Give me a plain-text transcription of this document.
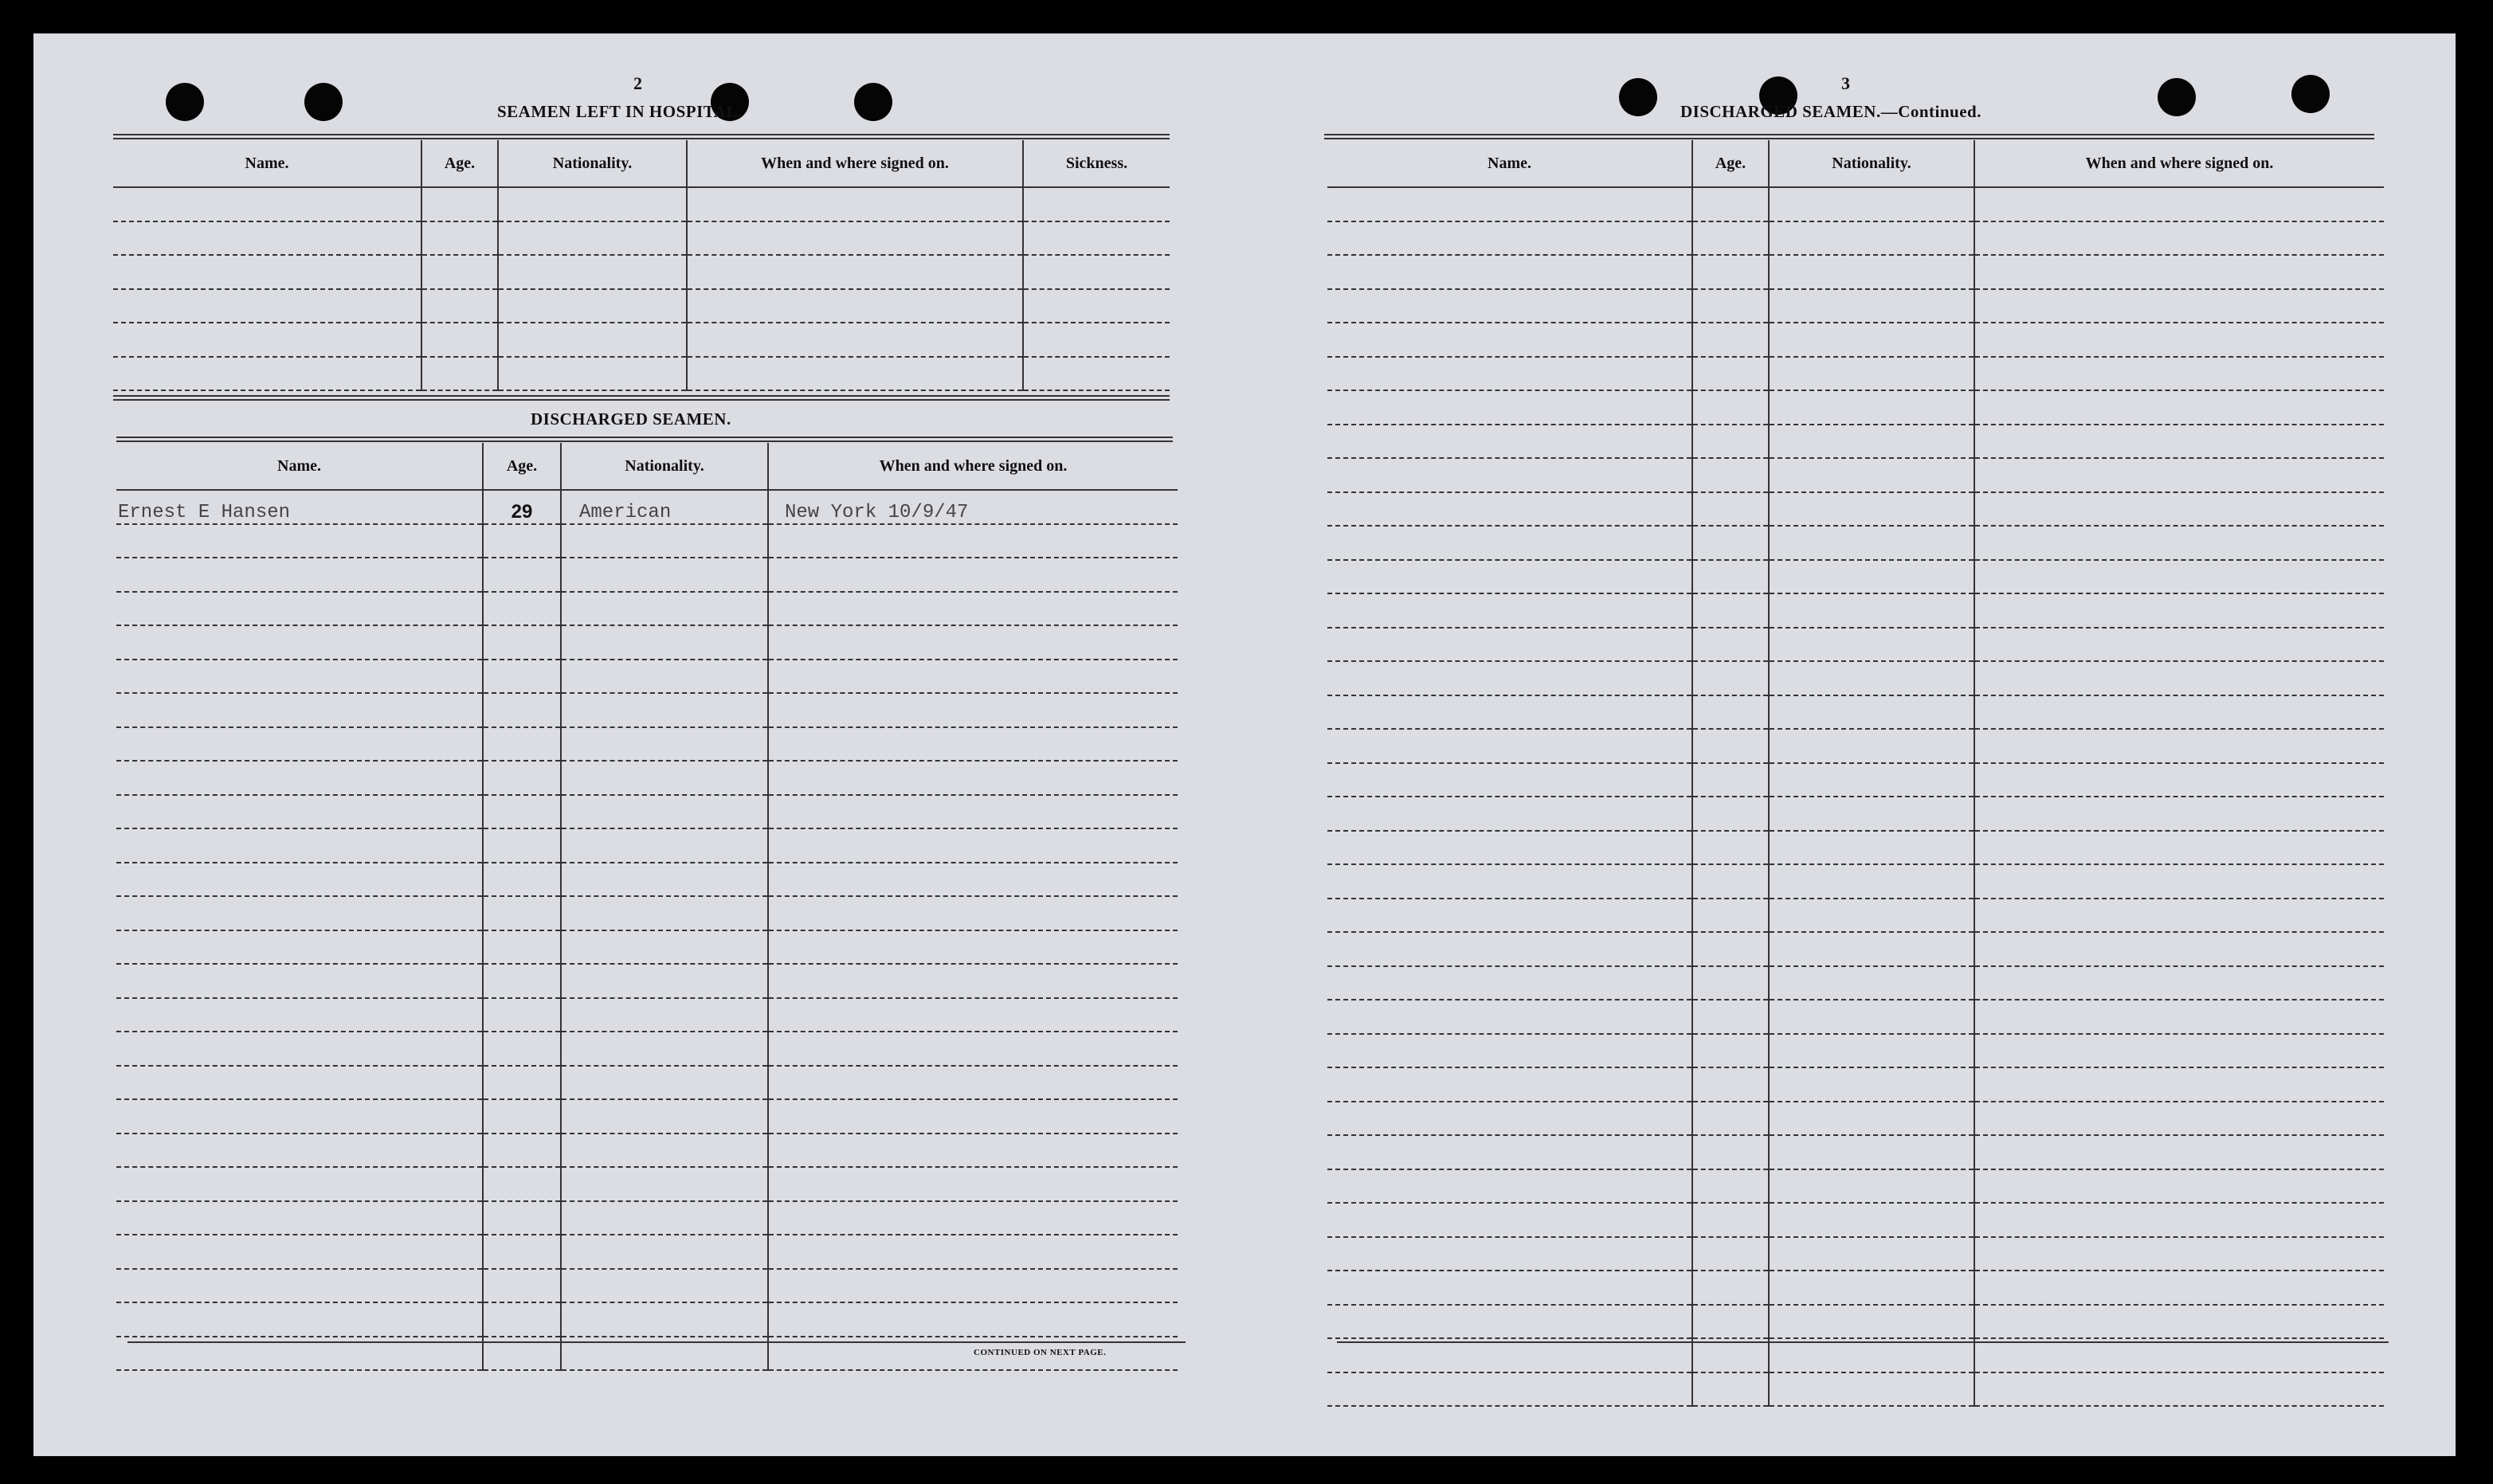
2
SEAMEN LEFT IN HOSPITAL.
Name.	Age.	Nationality.	When and where signed on.	Sickness.

DISCHARGED SEAMEN.
Name.	Age.	Nationality.	When and where signed on.
Ernest E Hansen	29	American	New York 10/9/47

CONTINUED ON NEXT PAGE.
3
DISCHARGED SEAMEN.—Continued.
Name.	Age.	Nationality.	When and where signed on.
